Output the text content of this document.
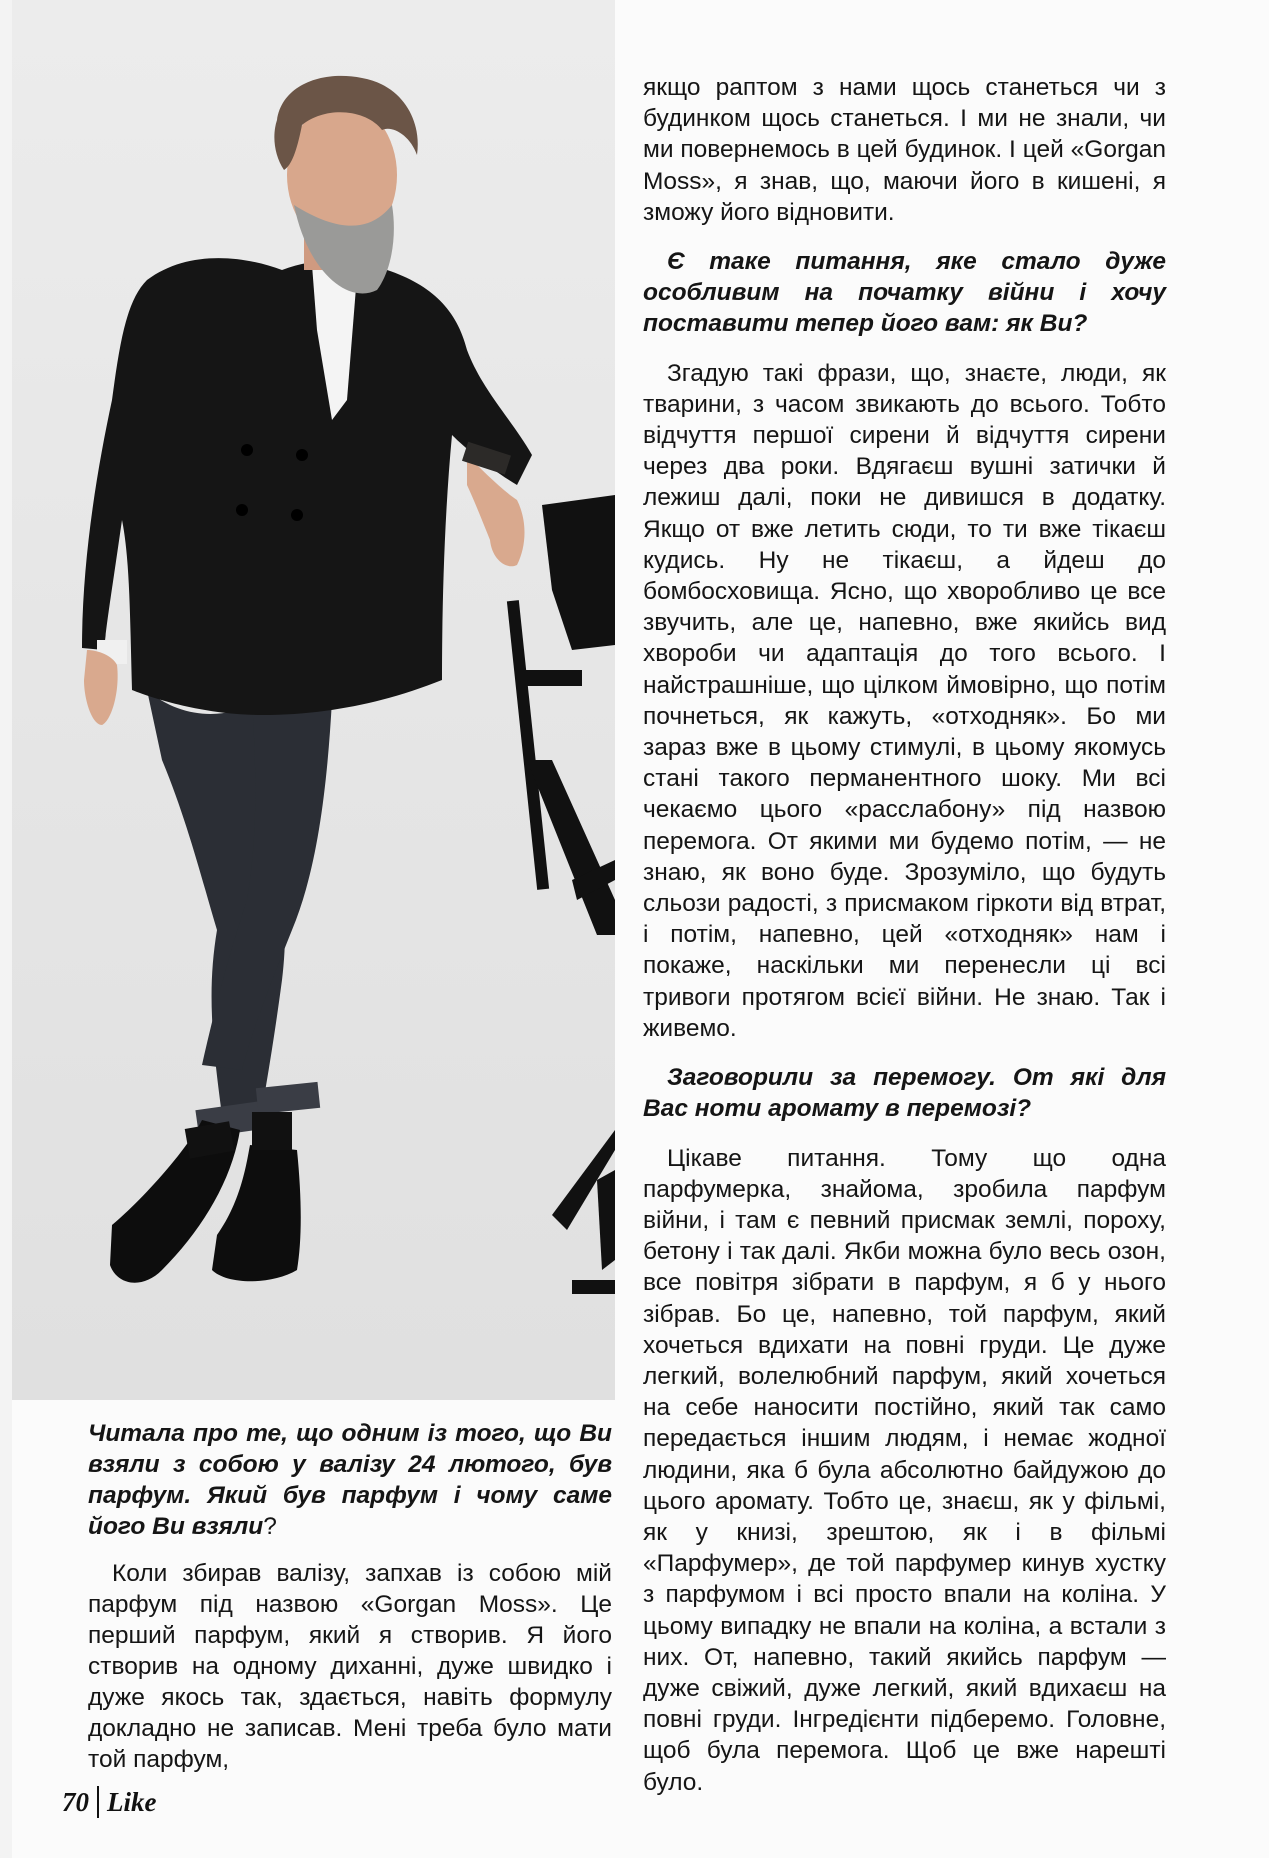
Читала про те, що одним із того, що Ви взяли з собою у валізу 24 лютого, був парфум. Який був парфум і чому саме його Ви взяли?

Коли збирав валізу, запхав із собою мій парфум під назвою «Gorgan Moss». Це перший парфум, який я створив. Я його створив на одному диханні, дуже швидко і дуже якось так, здається, навіть формулу докладно не записав. Мені треба було мати той парфум,

якщо раптом з нами щось станеться чи з будинком щось станеться. І ми не знали, чи ми повернемось в цей будинок. І цей «Gorgan Moss», я знав, що, маючи його в кишені, я зможу його відновити.

Є таке питання, яке стало дуже особливим на початку війни і хочу поставити тепер його вам: як Ви?

Згадую такі фрази, що, знаєте, люди, як тварини, з часом звикають до всього. Тобто відчуття першої сирени й відчуття сирени через два роки. Вдягаєш вушні затички й лежиш далі, поки не дивишся в додатку. Якщо от вже летить сюди, то ти вже тікаєш кудись. Ну не тікаєш, а йдеш до бомбосховища. Ясно, що хворобливо це все звучить, але це, напевно, вже якийсь вид хвороби чи адаптація до того всього. І найстрашніше, що цілком ймовірно, що потім почнеться, як кажуть, «отходняк». Бо ми зараз вже в цьому стимулі, в цьому якомусь стані такого перманентного шоку. Ми всі чекаємо цього «расслабону» під назвою перемога. От якими ми будемо потім, — не знаю, як воно буде. Зрозуміло, що будуть сльози радості, з присмаком гіркоти від втрат, і потім, напевно, цей «отходняк» нам і покаже, наскільки ми перенесли ці всі тривоги протягом всієї війни. Не знаю. Так і живемо.

Заговорили за перемогу. От які для Вас ноти аромату в перемозі?

Цікаве питання. Тому що одна парфумерка, знайома, зробила парфум війни, і там є певний присмак землі, пороху, бетону і так далі. Якби можна було весь озон, все повітря зібрати в парфум, я б у нього зібрав. Бо це, напевно, той парфум, який хочеться вдихати на повні груди. Це дуже легкий, волелюбний парфум, який хочеться на себе наносити постійно, який так само передається іншим людям, і немає жодної людини, яка б була абсолютно байдужою до цього аромату. Тобто це, знаєш, як у фільмі, як у книзі, зрештою, як і в фільмі «Парфумер», де той парфумер кинув хустку з парфумом і всі просто впали на коліна. У цьому випадку не впали на коліна, а встали з них. От, напевно, такий якийсь парфум — дуже свіжий, дуже легкий, який вдихаєш на повні груди. Інгредієнти підберемо. Головне, щоб була перемога. Щоб це вже нарешті було.

70 Like
